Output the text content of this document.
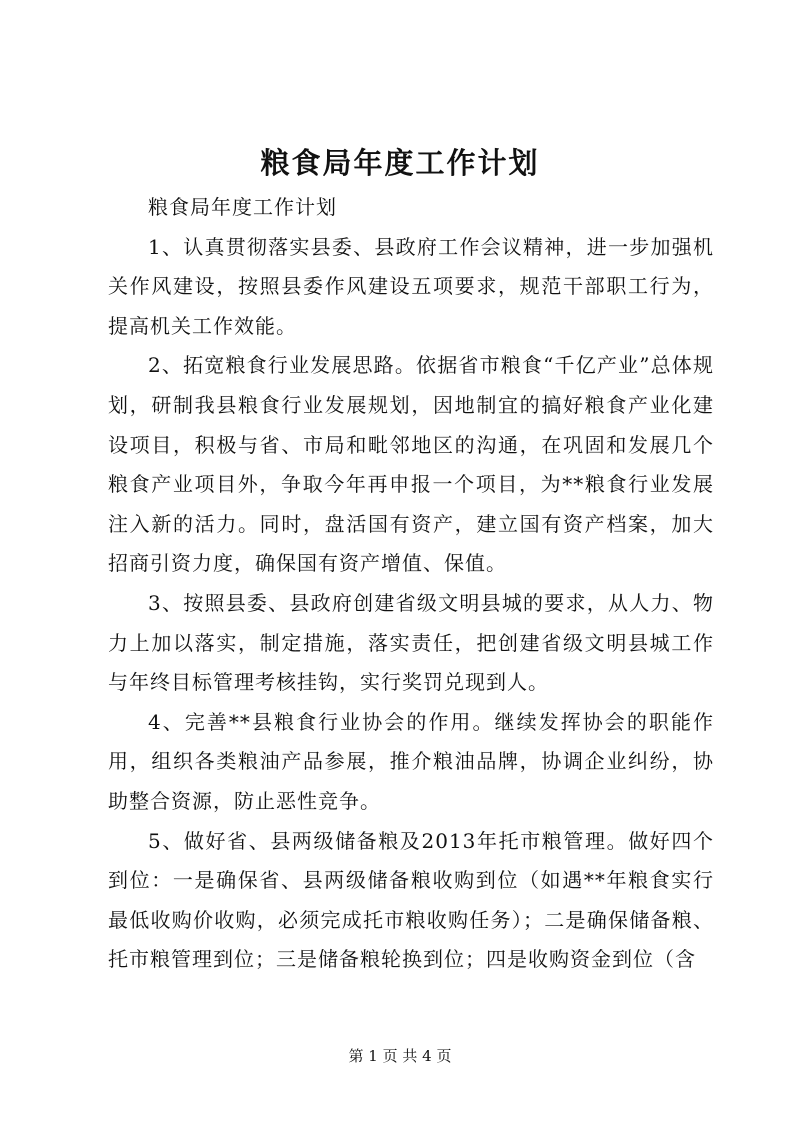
粮食局年度工作计划

粮食局年度工作计划

1、认真贯彻落实县委、县政府工作会议精神，进一步加强机关作风建设，按照县委作风建设五项要求，规范干部职工行为，提高机关工作效能。

2、拓宽粮食行业发展思路。依据省市粮食“千亿产业”总体规划，研制我县粮食行业发展规划，因地制宜的搞好粮食产业化建设项目，积极与省、市局和毗邻地区的沟通，在巩固和发展几个粮食产业项目外，争取今年再申报一个项目，为**粮食行业发展注入新的活力。同时，盘活国有资产，建立国有资产档案，加大招商引资力度，确保国有资产增值、保值。

3、按照县委、县政府创建省级文明县城的要求，从人力、物力上加以落实，制定措施，落实责任，把创建省级文明县城工作与年终目标管理考核挂钩，实行奖罚兑现到人。

4、完善**县粮食行业协会的作用。继续发挥协会的职能作用，组织各类粮油产品参展，推介粮油品牌，协调企业纠纷，协助整合资源，防止恶性竞争。

5、做好省、县两级储备粮及2013年托市粮管理。做好四个到位：一是确保省、县两级储备粮收购到位（如遇**年粮食实行最低收购价收购，必须完成托市粮收购任务）；二是确保储备粮、托市粮管理到位；三是储备粮轮换到位；四是收购资金到位（含

第 1 页 共 4 页
